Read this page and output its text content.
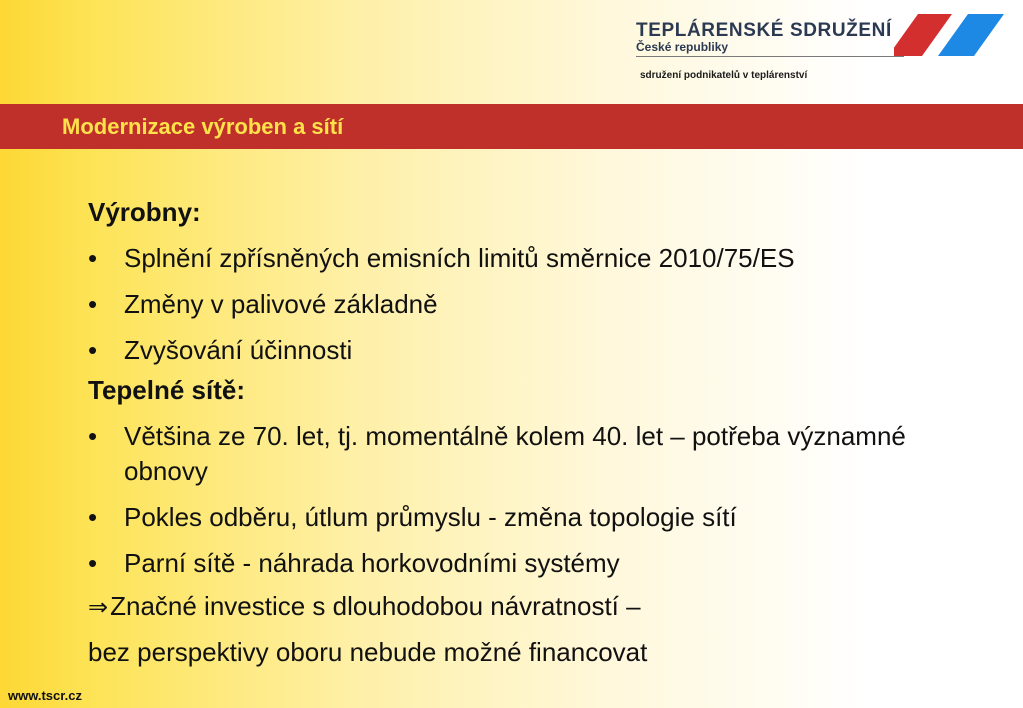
TEPLÁRENSKÉ SDRUŽENÍ
České republiky
sdružení podnikatelů v teplárenství
Modernizace výroben a sítí
Výrobny:
• Splnění zpřísněných emisních limitů směrnice 2010/75/ES
• Změny v palivové základně
• Zvyšování účinnosti
Tepelné sítě:
• Většina ze 70. let, tj. momentálně kolem 40. let – potřeba významné obnovy
• Pokles odběru, útlum průmyslu - změna topologie sítí
• Parní sítě - náhrada horkovodními systémy
⇒Značné investice s dlouhodobou návratností –
bez perspektivy oboru nebude možné financovat
www.tscr.cz
